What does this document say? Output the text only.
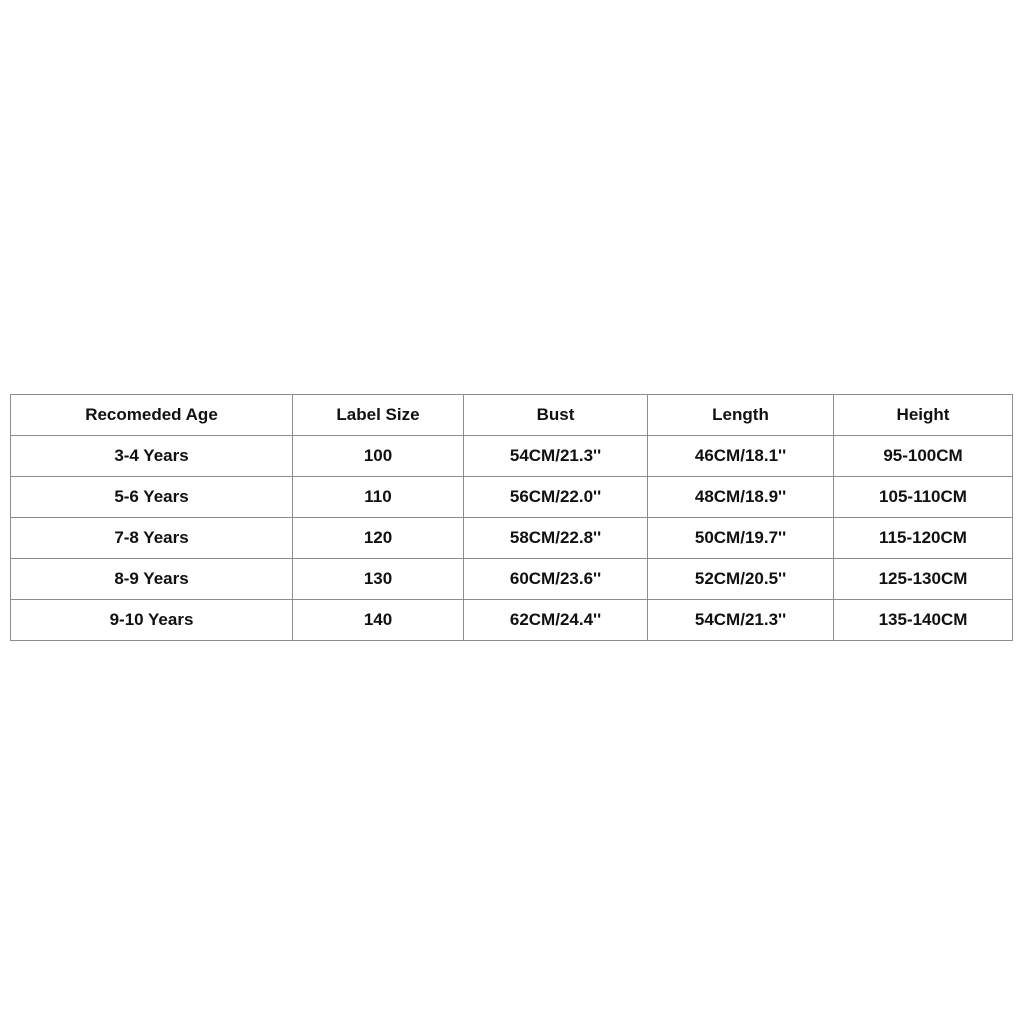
Recomeded Age	Label Size	Bust	Length	Height
3-4 Years	100	54CM/21.3''	46CM/18.1''	95-100CM
5-6 Years	110	56CM/22.0''	48CM/18.9''	105-110CM
7-8 Years	120	58CM/22.8''	50CM/19.7''	115-120CM
8-9 Years	130	60CM/23.6''	52CM/20.5''	125-130CM
9-10 Years	140	62CM/24.4''	54CM/21.3''	135-140CM
